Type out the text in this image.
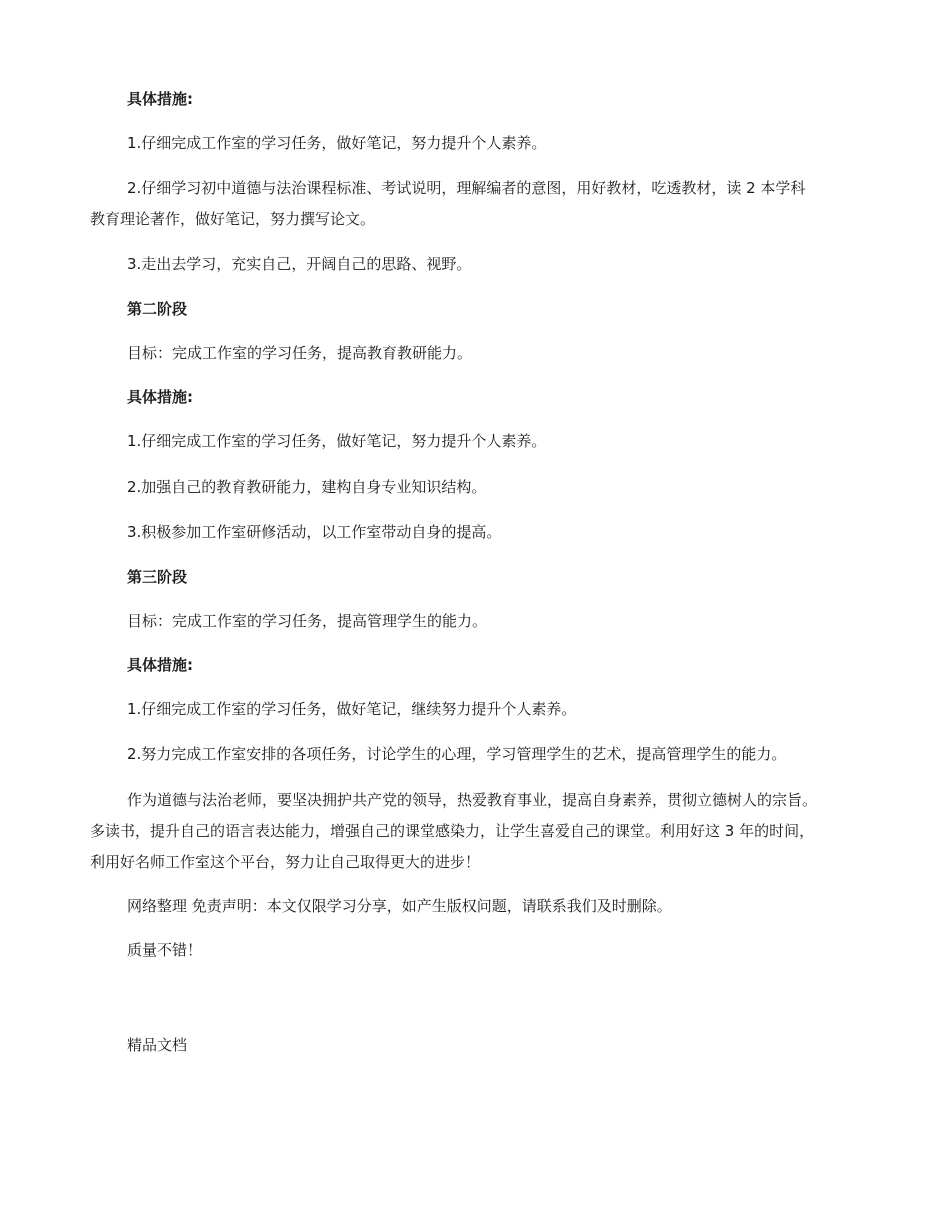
具体措施:

1.仔细完成工作室的学习任务，做好笔记，努力提升个人素养。

2.仔细学习初中道德与法治课程标准、考试说明，理解编者的意图，用好教材，吃透教材，读 2 本学科

教育理论著作，做好笔记，努力撰写论文。

3.走出去学习，充实自己，开阔自己的思路、视野。

第二阶段

目标：完成工作室的学习任务，提高教育教研能力。

具体措施:

1.仔细完成工作室的学习任务，做好笔记，努力提升个人素养。

2.加强自己的教育教研能力，建构自身专业知识结构。

3.积极参加工作室研修活动，以工作室带动自身的提高。

第三阶段

目标：完成工作室的学习任务，提高管理学生的能力。

具体措施:

1.仔细完成工作室的学习任务，做好笔记，继续努力提升个人素养。

2.努力完成工作室安排的各项任务，讨论学生的心理，学习管理学生的艺术，提高管理学生的能力。

作为道德与法治老师，要坚决拥护共产党的领导，热爱教育事业，提高自身素养，贯彻立德树人的宗旨。

多读书，提升自己的语言表达能力，增强自己的课堂感染力，让学生喜爱自己的课堂。利用好这 3 年的时间，

利用好名师工作室这个平台，努力让自己取得更大的进步！

网络整理 免责声明：本文仅限学习分享，如产生版权问题，请联系我们及时删除。

质量不错！

精品文档
